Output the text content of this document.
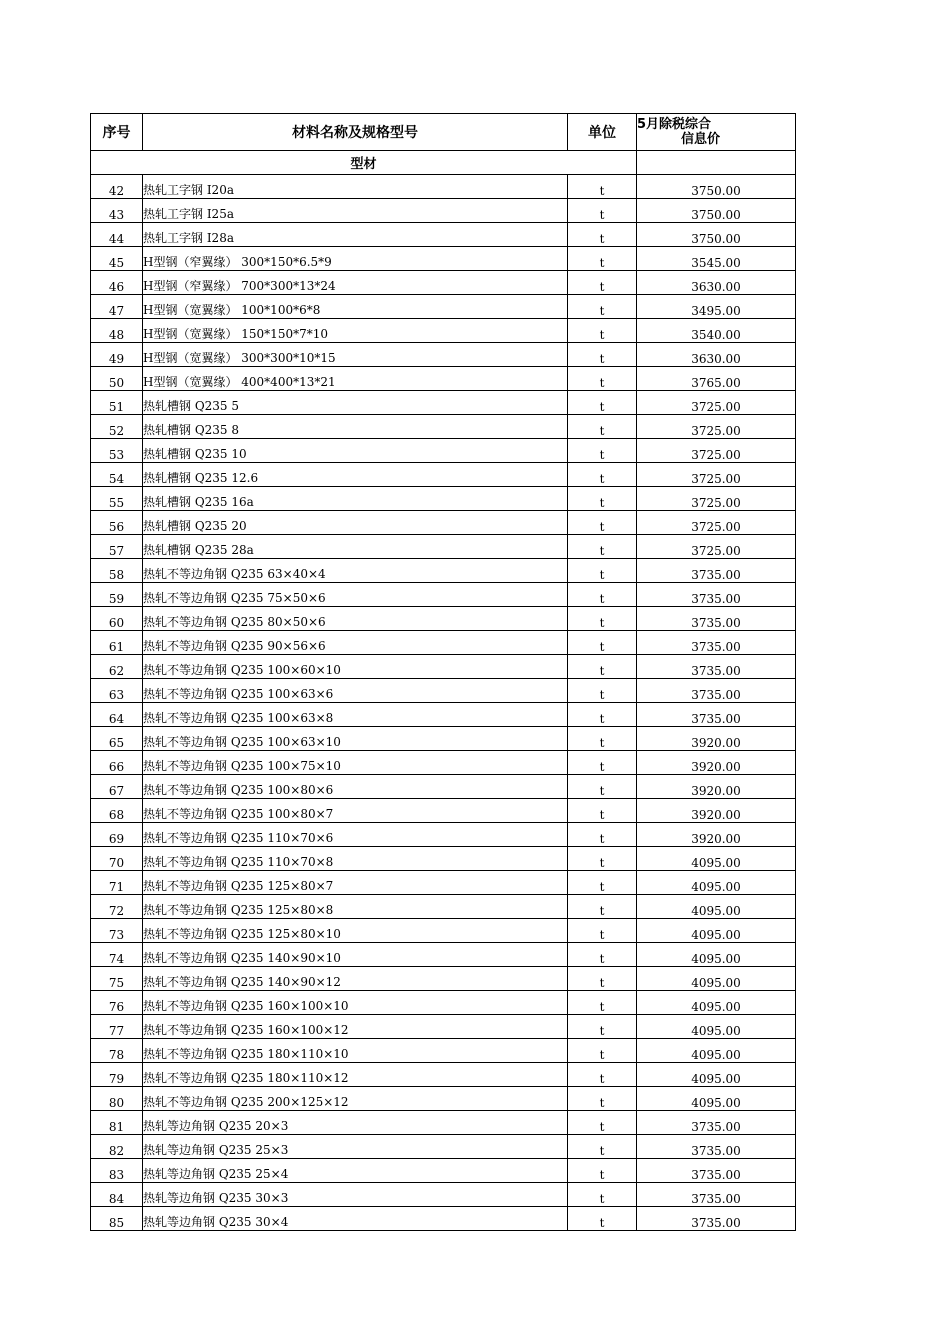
序号	材料名称及规格型号	单位	5月除税综合
信息价

型材			
42	热轧工字钢 I20a	t	3750.00
43	热轧工字钢 I25a	t	3750.00
44	热轧工字钢 I28a	t	3750.00
45	H型钢（窄翼缘） 300*150*6.5*9	t	3545.00
46	H型钢（窄翼缘） 700*300*13*24	t	3630.00
47	H型钢（宽翼缘） 100*100*6*8	t	3495.00
48	H型钢（宽翼缘） 150*150*7*10	t	3540.00
49	H型钢（宽翼缘） 300*300*10*15	t	3630.00
50	H型钢（宽翼缘） 400*400*13*21	t	3765.00
51	热轧槽钢 Q235 5	t	3725.00
52	热轧槽钢 Q235 8	t	3725.00
53	热轧槽钢 Q235 10	t	3725.00
54	热轧槽钢 Q235 12.6	t	3725.00
55	热轧槽钢 Q235 16a	t	3725.00
56	热轧槽钢 Q235 20	t	3725.00
57	热轧槽钢 Q235 28a	t	3725.00
58	热轧不等边角钢 Q235 63×40×4	t	3735.00
59	热轧不等边角钢 Q235 75×50×6	t	3735.00
60	热轧不等边角钢 Q235 80×50×6	t	3735.00
61	热轧不等边角钢 Q235 90×56×6	t	3735.00
62	热轧不等边角钢 Q235 100×60×10	t	3735.00
63	热轧不等边角钢 Q235 100×63×6	t	3735.00
64	热轧不等边角钢 Q235 100×63×8	t	3735.00
65	热轧不等边角钢 Q235 100×63×10	t	3920.00
66	热轧不等边角钢 Q235 100×75×10	t	3920.00
67	热轧不等边角钢 Q235 100×80×6	t	3920.00
68	热轧不等边角钢 Q235 100×80×7	t	3920.00
69	热轧不等边角钢 Q235 110×70×6	t	3920.00
70	热轧不等边角钢 Q235 110×70×8	t	4095.00
71	热轧不等边角钢 Q235 125×80×7	t	4095.00
72	热轧不等边角钢 Q235 125×80×8	t	4095.00
73	热轧不等边角钢 Q235 125×80×10	t	4095.00
74	热轧不等边角钢 Q235 140×90×10	t	4095.00
75	热轧不等边角钢 Q235 140×90×12	t	4095.00
76	热轧不等边角钢 Q235 160×100×10	t	4095.00
77	热轧不等边角钢 Q235 160×100×12	t	4095.00
78	热轧不等边角钢 Q235 180×110×10	t	4095.00
79	热轧不等边角钢 Q235 180×110×12	t	4095.00
80	热轧不等边角钢 Q235 200×125×12	t	4095.00
81	热轧等边角钢 Q235 20×3	t	3735.00
82	热轧等边角钢 Q235 25×3	t	3735.00
83	热轧等边角钢 Q235 25×4	t	3735.00
84	热轧等边角钢 Q235 30×3	t	3735.00
85	热轧等边角钢 Q235 30×4	t	3735.00
